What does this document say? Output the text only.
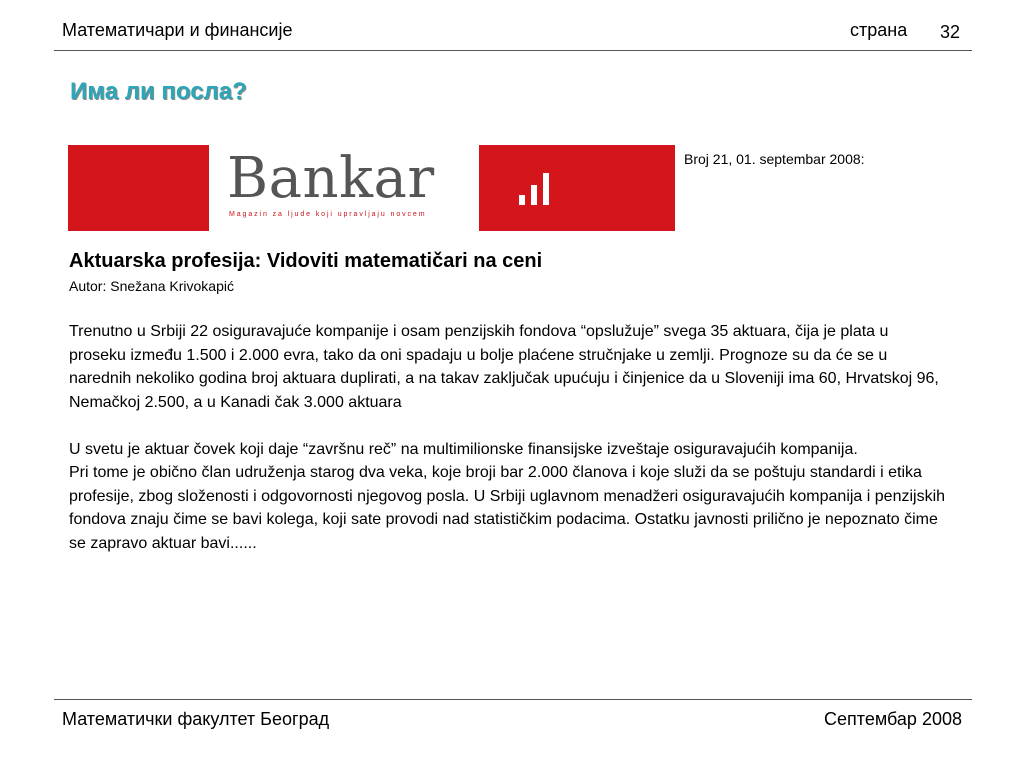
Математичари и финансије	страна 32
Има ли посла?
Bankar
Magazin za ljude koji upravljaju novcem
Broj 21, 01. septembar 2008:
Aktuarska profesija: Vidoviti matematičari na ceni
Autor: Snežana Krivokapić

Trenutno u Srbiji 22 osiguravajuće kompanije i osam penzijskih fondova “opslužuje” svega 35 aktuara, čija je plata u proseku između 1.500 i 2.000 evra, tako da oni spadaju u bolje plaćene stručnjake u zemlji. Prognoze su da će se u narednih nekoliko godina broj aktuara duplirati, a na takav zaključak upućuju i činjenice da u Sloveniji ima 60, Hrvatskoj 96, Nemačkoj 2.500, a u Kanadi čak 3.000 aktuara

U svetu je aktuar čovek koji daje “završnu reč” na multimilionske finansijske izveštaje osiguravajućih kompanija.

Pri tome je obično član udruženja starog dva veka, koje broji bar 2.000 članova i koje služi da se poštuju standardi i etika profesije, zbog složenosti i odgovornosti njegovog posla. U Srbiji uglavnom menadžeri osiguravajućih kompanija i penzijskih fondova znaju čime se bavi kolega, koji sate provodi nad statističkim podacima. Ostatku javnosti prilično je nepoznato čime se zapravo aktuar bavi......

Математички факултет Београд	Септембар 2008
